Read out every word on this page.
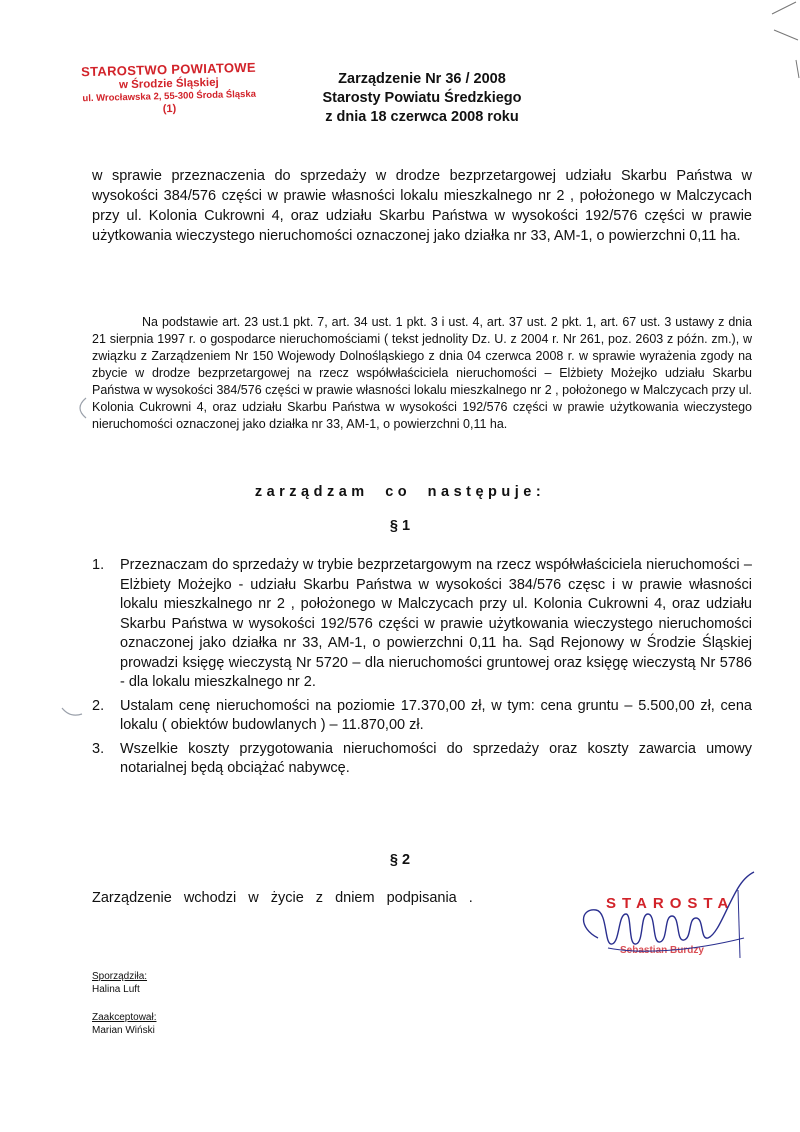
STAROSTWO POWIATOWE
w Środzie Śląskiej
ul. Wrocławska 2, 55-300 Środa Śląska
(1)
Zarządzenie Nr 36 / 2008
Starosty Powiatu Średzkiego
z dnia 18 czerwca 2008 roku
w sprawie przeznaczenia do sprzedaży w drodze bezprzetargowej udziału Skarbu Państwa w wysokości 384/576 części w prawie własności lokalu mieszkalnego nr 2 , położonego w Malczycach przy ul. Kolonia Cukrowni 4, oraz udziału Skarbu Państwa w wysokości 192/576 części w prawie użytkowania wieczystego nieruchomości oznaczonej jako działka nr 33, AM-1, o powierzchni 0,11 ha.
Na podstawie art. 23 ust.1 pkt. 7, art. 34 ust. 1 pkt. 3 i ust. 4, art. 37 ust. 2 pkt. 1, art. 67 ust. 3 ustawy z dnia 21 sierpnia 1997 r. o gospodarce nieruchomościami ( tekst jednolity Dz. U. z 2004 r. Nr 261, poz. 2603 z późn. zm.), w związku z Zarządzeniem Nr 150 Wojewody Dolnośląskiego z dnia 04 czerwca 2008 r. w sprawie wyrażenia zgody na zbycie w drodze bezprzetargowej na rzecz współwłaściciela nieruchomości – Elżbiety Możejko udziału Skarbu Państwa w wysokości 384/576 części w prawie własności lokalu mieszkalnego nr 2 , położonego w Malczycach przy ul. Kolonia Cukrowni 4, oraz udziału Skarbu Państwa w wysokości 192/576 części w prawie użytkowania wieczystego nieruchomości oznaczonej jako działka nr 33, AM-1, o powierzchni 0,11 ha.
zarządzam co następuje:
§ 1
1. Przeznaczam do sprzedaży w trybie bezprzetargowym na rzecz współwłaściciela nieruchomości – Elżbiety Możejko - udziału Skarbu Państwa w wysokości 384/576 częsc i w prawie własności lokalu mieszkalnego nr 2 , położonego w Malczycach przy ul. Kolonia Cukrowni 4, oraz udziału Skarbu Państwa w wysokości 192/576 części w prawie użytkowania wieczystego nieruchomości oznaczonej jako działka nr 33, AM-1, o powierzchni 0,11 ha. Sąd Rejonowy w Środzie Śląskiej prowadzi księgę wieczystą Nr 5720 – dla nieruchomości gruntowej oraz księgę wieczystą Nr 5786 - dla lokalu mieszkalnego nr 2.
2. Ustalam cenę nieruchomości na poziomie 17.370,00 zł, w tym: cena gruntu – 5.500,00 zł, cena lokalu ( obiektów budowlanych ) – 11.870,00 zł.
3. Wszelkie koszty przygotowania nieruchomości do sprzedaży oraz koszty zawarcia umowy notarialnej będą obciążać nabywcę.
§ 2
Zarządzenie wchodzi w życie z dniem podpisania .	STAROSTA
Sebastian Burdzy
Sporządziła:
Halina Luft
Zaakceptował:
Marian Wiński
